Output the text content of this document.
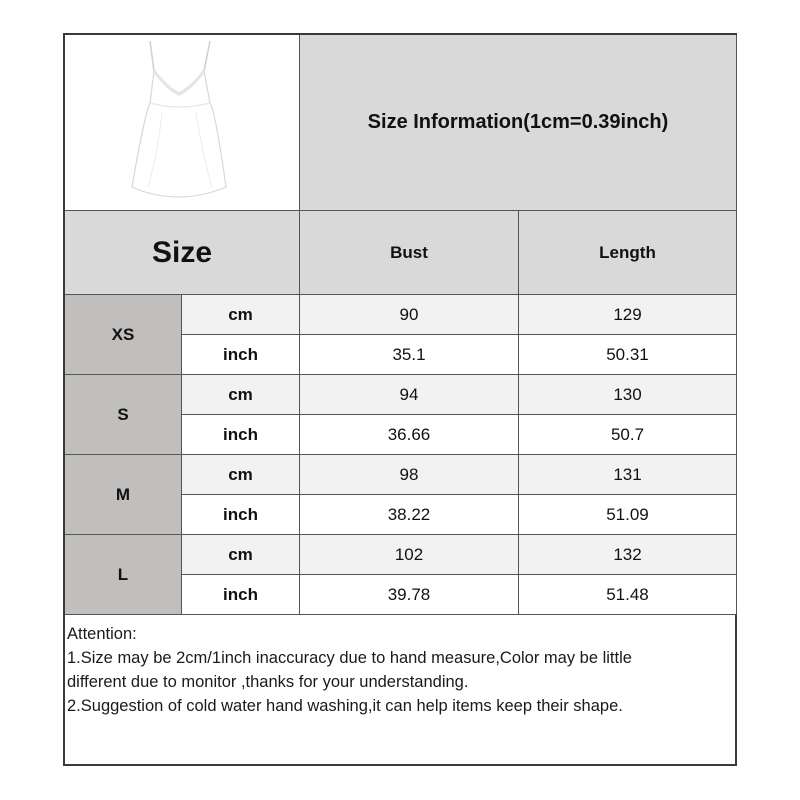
Size Information(1cm=0.39inch)
Size	Bust	Length
XS
cm	90	129
inch	35.1	50.31
S
cm	94	130
inch	36.66	50.7
M
cm	98	131
inch	38.22	51.09
L
cm	102	132
inch	39.78	51.48

Attention:

1.Size may be 2cm/1inch inaccuracy due to hand measure,Color may be little

different due to monitor ,thanks for your understanding.

2.Suggestion of cold water hand washing,it can help items keep their shape.
